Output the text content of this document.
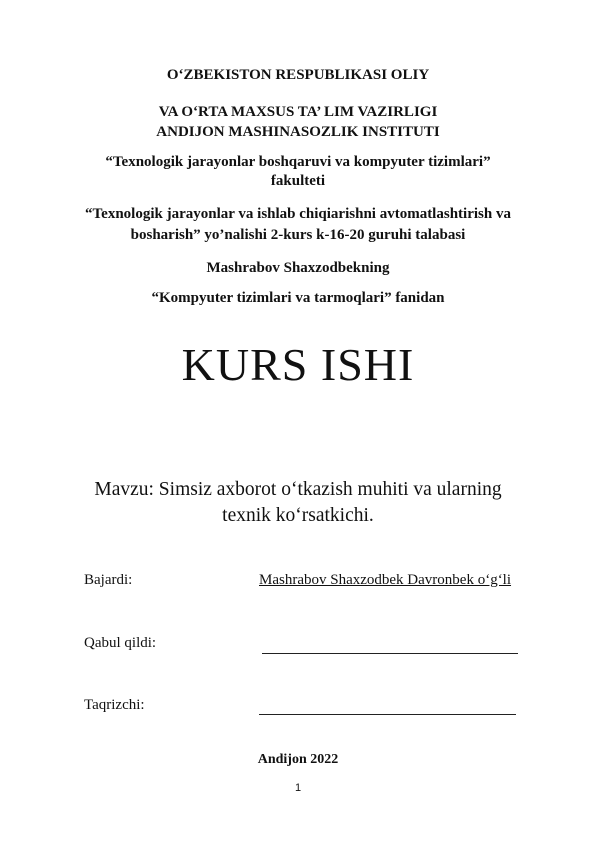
O‘ZBEKISTON RESPUBLIKASI OLIY
VA O‘RTA MAXSUS TA’ LIM VAZIRLIGI
ANDIJON MASHINASOZLIK INSTITUTI
“Texnologik jarayonlar boshqaruvi va kompyuter tizimlari”
fakulteti
“Texnologik jarayonlar va ishlab chiqiarishni avtomatlashtirish va
bosharish” yo’nalishi 2-kurs k-16-20 guruhi talabasi
Mashrabov Shaxzodbekning
“Kompyuter tizimlari va tarmoqlari” fanidan
KURS ISHI
Mavzu: Simsiz axborot o‘tkazish muhiti va ularning
texnik ko‘rsatkichi.
Bajardi:	Mashrabov Shaxzodbek Davronbek o‘g‘li
Qabul qildi:
Taqrizchi:
Andijon 2022
1
